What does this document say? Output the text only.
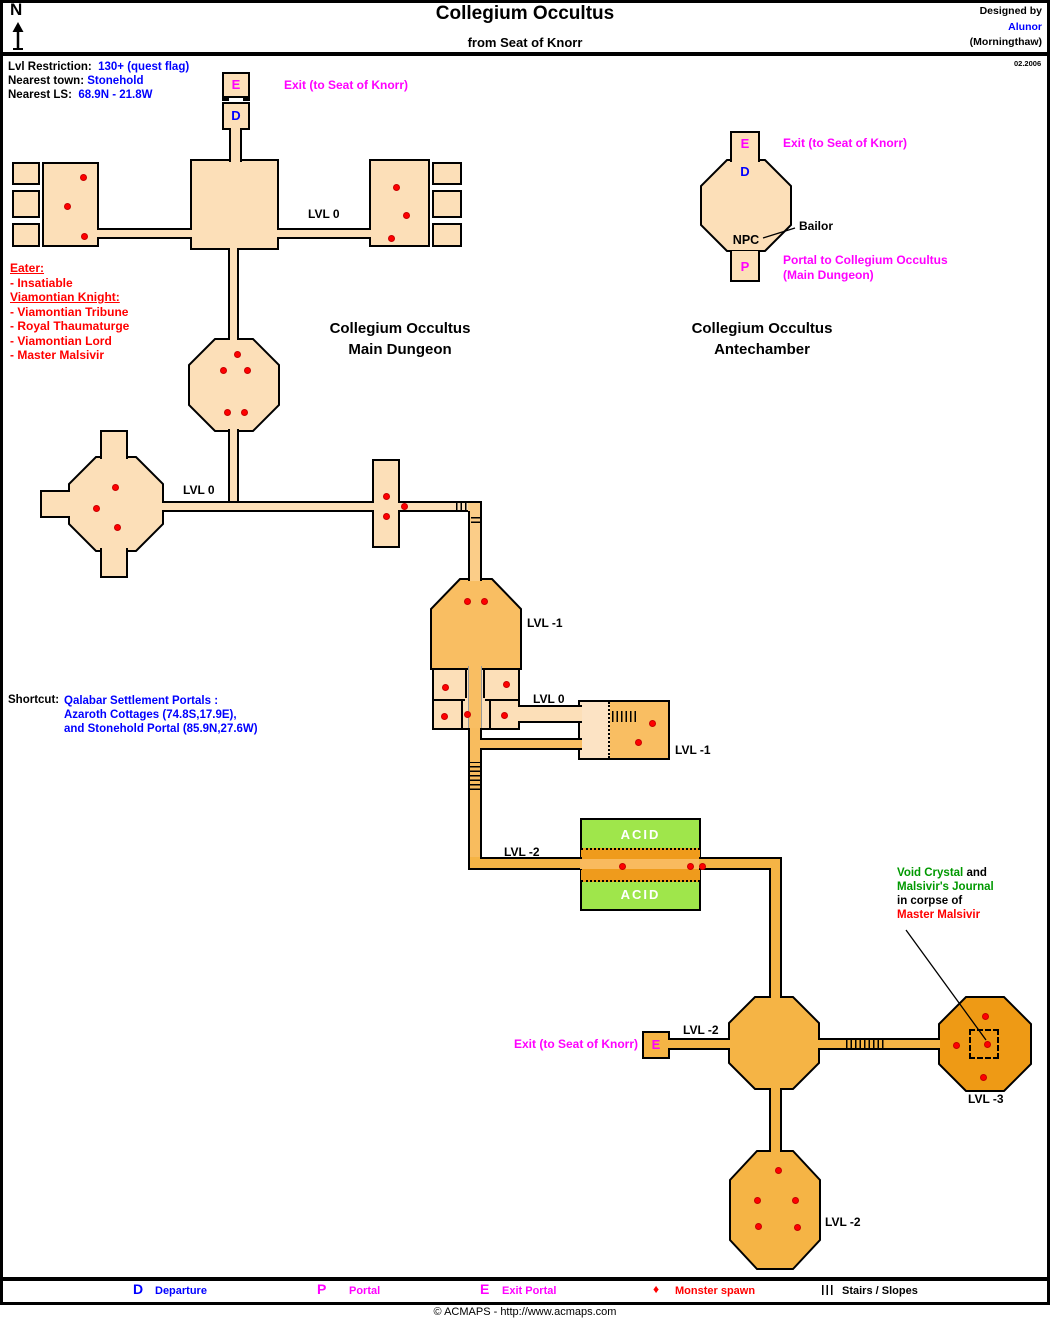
N	Collegium Occultus
from Seat of Knorr
Designed by
Alunor
(Morningthaw)
02.2006
Lvl Restriction: 130+ (quest flag)
Nearest town: Stonehold
Nearest LS: 68.9N - 21.8W
Eater:
- Insatiable
Viamontian Knight:
- Viamontian Tribune
- Royal Thaumaturge
- Viamontian Lord
- Master Malsivir
Shortcut: Qalabar Settlement Portals :
Azaroth Cottages (74.8S,17.9E),
and Stonehold Portal (85.9N,27.6W)
E
D
Exit (to Seat of Knorr)
LVL 0
Collegium Occultus
Main Dungeon
E
D
NPC
P
Exit (to Seat of Knorr)
Bailor
Portal to Collegium Occultus
(Main Dungeon)
Collegium Occultus
Antechamber
LVL 0
LVL -1
LVL 0
LVL -1
LVL -2
ACID
ACID
Void Crystal and
Malsivir's Journal
in corpse of
Master Malsivir
Exit (to Seat of Knorr)	E
LVL -2
LVL -3
LVL -2
D Departure	P Portal	E Exit Portal	♦ Monster spawn	Stairs / Slopes
© ACMAPS - http://www.acmaps.com
